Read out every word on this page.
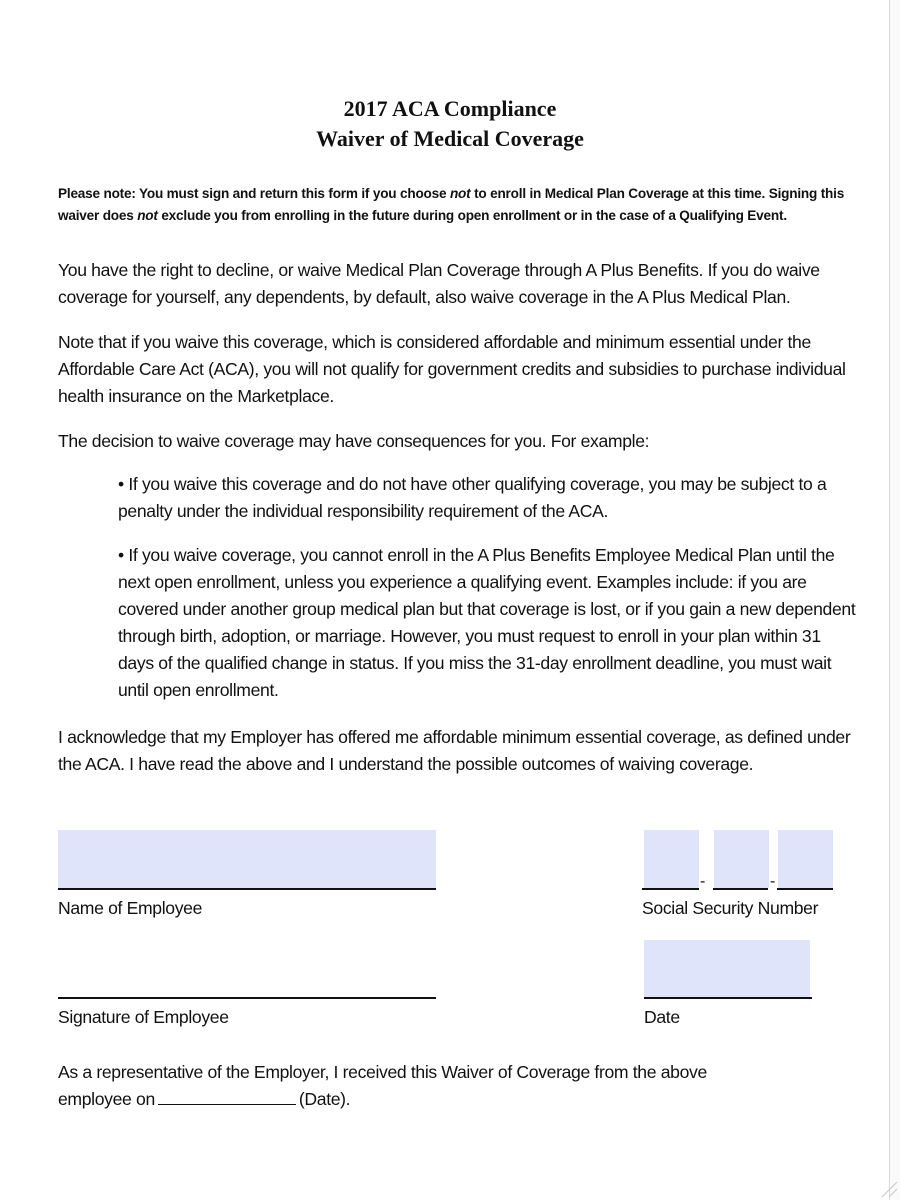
2017 ACA Compliance
Waiver of Medical Coverage
Please note: You must sign and return this form if you choose not to enroll in Medical Plan Coverage at this time. Signing this
waiver does not exclude you from enrolling in the future during open enrollment or in the case of a Qualifying Event.
You have the right to decline, or waive Medical Plan Coverage through A Plus Benefits. If you do waive coverage for yourself, any dependents, by default, also waive coverage in the A Plus Medical Plan.
Note that if you waive this coverage, which is considered affordable and minimum essential under the Affordable Care Act (ACA), you will not qualify for government credits and subsidies to purchase individual health insurance on the Marketplace.
The decision to waive coverage may have consequences for you. For example:
• If you waive this coverage and do not have other qualifying coverage, you may be subject to a penalty under the individual responsibility requirement of the ACA.
• If you waive coverage, you cannot enroll in the A Plus Benefits Employee Medical Plan until the next open enrollment, unless you experience a qualifying event. Examples include: if you are covered under another group medical plan but that coverage is lost, or if you gain a new dependent through birth, adoption, or marriage. However, you must request to enroll in your plan within 31 days of the qualified change in status. If you miss the 31-day enrollment deadline, you must wait until open enrollment.
I acknowledge that my Employer has offered me affordable minimum essential coverage, as defined under the ACA. I have read the above and I understand the possible outcomes of waiving coverage.
Name of Employee
-	-
Social Security Number
Signature of Employee	Date
As a representative of the Employer, I received this Waiver of Coverage from the above
employee on	(Date).
